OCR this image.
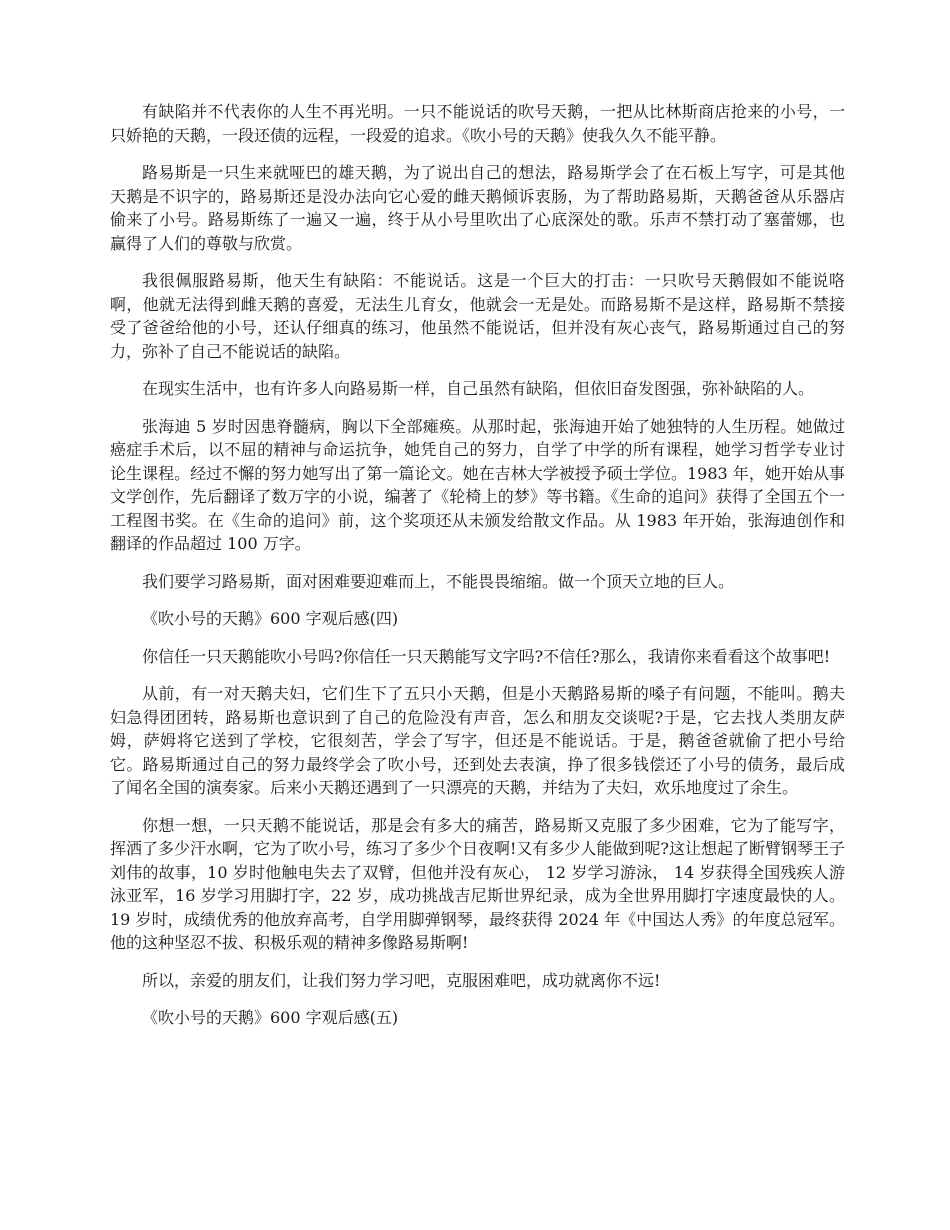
有缺陷并不代表你的人生不再光明。一只不能说话的吹号天鹅，一把从比林斯商店抢来的小号，一只娇艳的天鹅，一段还债的远程，一段爱的追求。《吹小号的天鹅》使我久久不能平静。

路易斯是一只生来就哑巴的雄天鹅，为了说出自己的想法，路易斯学会了在石板上写字，可是其他天鹅是不识字的，路易斯还是没办法向它心爱的雌天鹅倾诉衷肠，为了帮助路易斯，天鹅爸爸从乐器店偷来了小号。路易斯练了一遍又一遍，终于从小号里吹出了心底深处的歌。乐声不禁打动了塞蕾娜，也赢得了人们的尊敬与欣赏。

我很佩服路易斯，他天生有缺陷：不能说话。这是一个巨大的打击：一只吹号天鹅假如不能说咯啊，他就无法得到雌天鹅的喜爱，无法生儿育女，他就会一无是处。而路易斯不是这样，路易斯不禁接受了爸爸给他的小号，还认仔细真的练习，他虽然不能说话，但并没有灰心丧气，路易斯通过自己的努力，弥补了自己不能说话的缺陷。

在现实生活中，也有许多人向路易斯一样，自己虽然有缺陷，但依旧奋发图强，弥补缺陷的人。

张海迪 5 岁时因患脊髓病，胸以下全部瘫痪。从那时起，张海迪开始了她独特的人生历程。她做过癌症手术后，以不屈的精神与命运抗争，她凭自己的努力，自学了中学的所有课程，她学习哲学专业讨论生课程。经过不懈的努力她写出了第一篇论文。她在吉林大学被授予硕士学位。1983 年，她开始从事文学创作，先后翻译了数万字的小说，编著了《轮椅上的梦》等书籍。《生命的追问》获得了全国五个一工程图书奖。在《生命的追问》前，这个奖项还从未颁发给散文作品。从 1983 年开始，张海迪创作和翻译的作品超过 100 万字。

我们要学习路易斯，面对困难要迎难而上，不能畏畏缩缩。做一个顶天立地的巨人。

《吹小号的天鹅》600 字观后感(四)

你信任一只天鹅能吹小号吗?你信任一只天鹅能写文字吗?不信任?那么，我请你来看看这个故事吧!

从前，有一对天鹅夫妇，它们生下了五只小天鹅，但是小天鹅路易斯的嗓子有问题，不能叫。鹅夫妇急得团团转，路易斯也意识到了自己的危险没有声音，怎么和朋友交谈呢?于是，它去找人类朋友萨姆，萨姆将它送到了学校，它很刻苦，学会了写字，但还是不能说话。于是，鹅爸爸就偷了把小号给它。路易斯通过自己的努力最终学会了吹小号，还到处去表演，挣了很多钱偿还了小号的债务，最后成了闻名全国的演奏家。后来小天鹅还遇到了一只漂亮的天鹅，并结为了夫妇，欢乐地度过了余生。

你想一想，一只天鹅不能说话，那是会有多大的痛苦，路易斯又克服了多少困难，它为了能写字，挥洒了多少汗水啊，它为了吹小号，练习了多少个日夜啊!又有多少人能做到呢?这让想起了断臂钢琴王子刘伟的故事，10 岁时他触电失去了双臂，但他并没有灰心， 12 岁学习游泳， 14 岁获得全国残疾人游泳亚军，16 岁学习用脚打字，22 岁，成功挑战吉尼斯世界纪录，成为全世界用脚打字速度最快的人。19 岁时，成绩优秀的他放弃高考，自学用脚弹钢琴，最终获得 2024 年《中国达人秀》的年度总冠军。他的这种坚忍不拔、积极乐观的精神多像路易斯啊!

所以，亲爱的朋友们，让我们努力学习吧，克服困难吧，成功就离你不远!

《吹小号的天鹅》600 字观后感(五)
